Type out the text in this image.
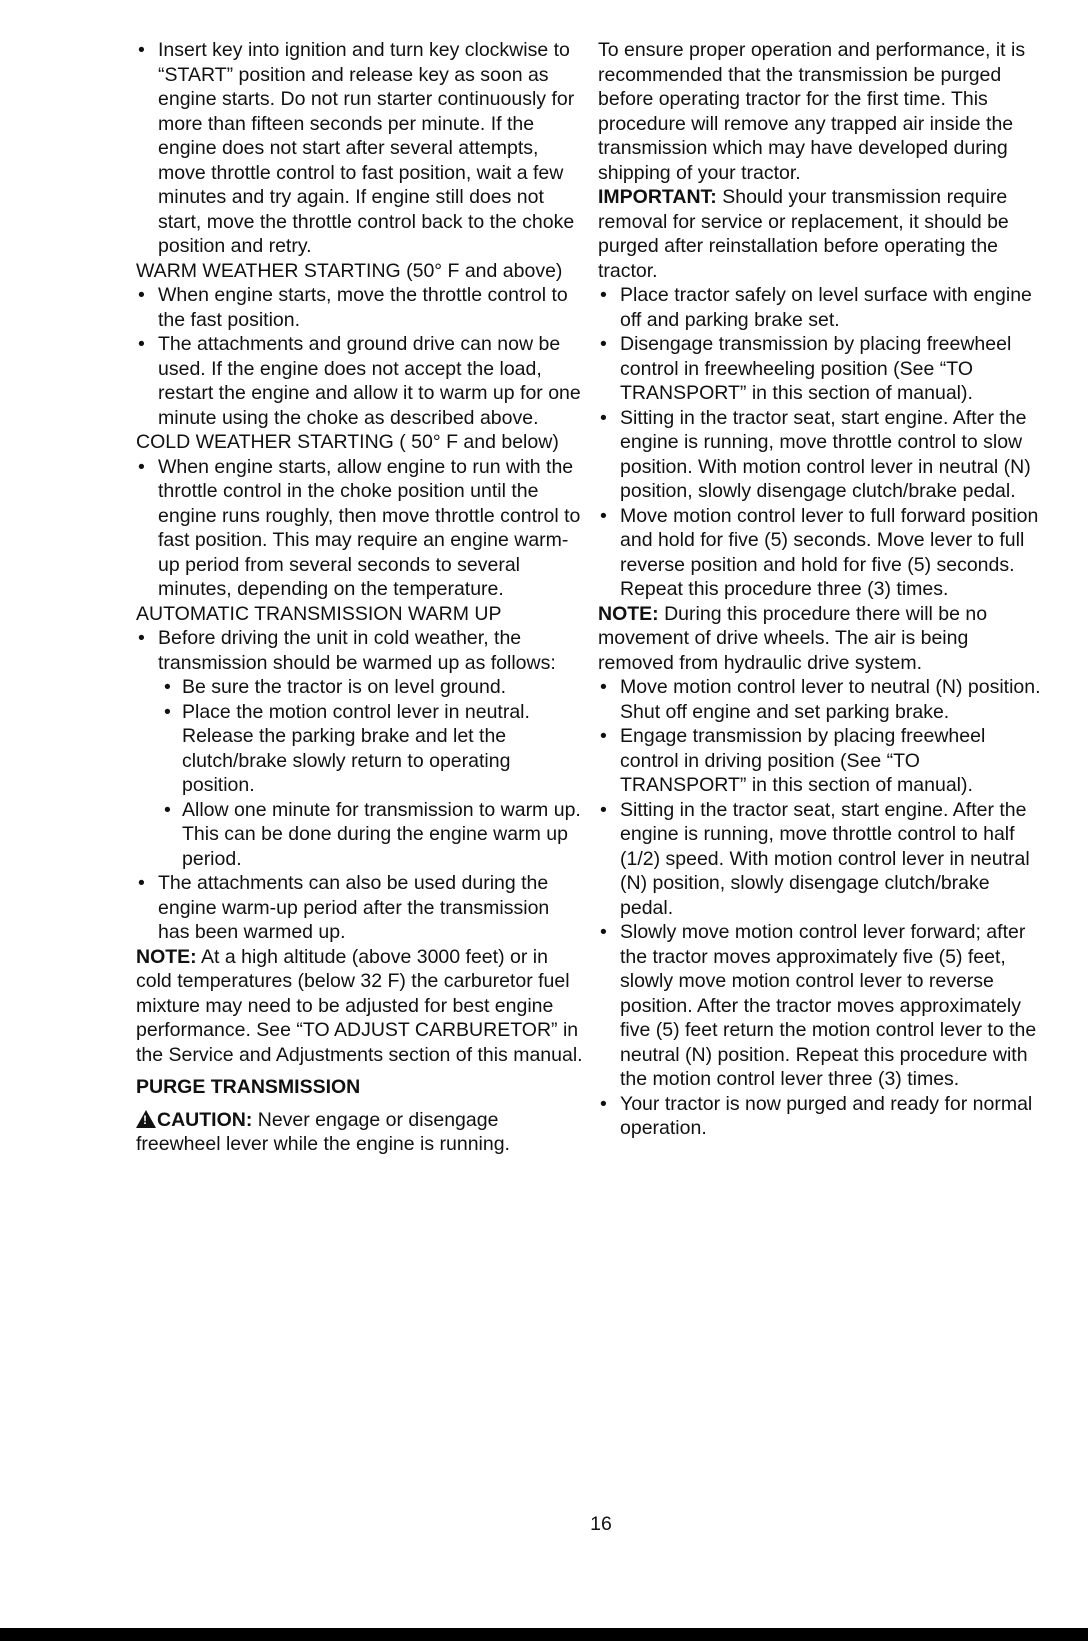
• Insert key into ignition and turn key clockwise to “START” position and release key as soon as engine starts. Do not run starter continuously for more than fifteen seconds per minute. If the engine does not start after several attempts, move throttle control to fast position, wait a few minutes and try again. If engine still does not start, move the throttle control back to the choke position and retry.

WARM WEATHER STARTING (50° F and above)

• When engine starts, move the throttle control to the fast position.

• The attachments and ground drive can now be used. If the engine does not accept the load, restart the engine and allow it to warm up for one minute using the choke as described above.

COLD WEATHER STARTING ( 50° F and below)

• When engine starts, allow engine to run with the throttle control in the choke position until the engine runs roughly, then move throttle control to fast position. This may require an engine warm-up period from several seconds to several minutes, depending on the temperature.

AUTOMATIC TRANSMISSION WARM UP

• Before driving the unit in cold weather, the transmission should be warmed up as follows:

• Be sure the tractor is on level ground.

• Place the motion control lever in neutral. Release the parking brake and let the clutch/brake slowly return to operating position.

• Allow one minute for transmission to warm up. This can be done during the engine warm up period.

• The attachments can also be used during the engine warm-up period after the transmission has been warmed up.

NOTE: At a high altitude (above 3000 feet) or in cold temperatures (below 32 F) the carburetor fuel mixture may need to be adjusted for best engine performance. See “TO ADJUST CARBURETOR” in the Service and Adjustments section of this manual.

PURGE TRANSMISSION

!CAUTION: Never engage or disengage freewheel lever while the engine is running.

To ensure proper operation and performance, it is recommended that the transmission be purged before operating tractor for the first time. This procedure will remove any trapped air inside the transmission which may have developed during shipping of your tractor.

IMPORTANT: Should your transmission require removal for service or replacement, it should be purged after reinstallation before operating the tractor.

• Place tractor safely on level surface with engine off and parking brake set.

• Disengage transmission by placing freewheel control in freewheeling position (See “TO TRANSPORT” in this section of manual).

• Sitting in the tractor seat, start engine. After the engine is running, move throttle control to slow position. With motion control lever in neutral (N) position, slowly disengage clutch/brake pedal.

• Move motion control lever to full forward position and hold for five (5) seconds. Move lever to full reverse position and hold for five (5) seconds. Repeat this procedure three (3) times.

NOTE: During this procedure there will be no movement of drive wheels. The air is being removed from hydraulic drive system.

• Move motion control lever to neutral (N) position. Shut off engine and set parking brake.

• Engage transmission by placing freewheel control in driving position (See “TO TRANSPORT” in this section of manual).

• Sitting in the tractor seat, start engine. After the engine is running, move throttle control to half (1/2) speed. With motion control lever in neutral (N) position, slowly disengage clutch/brake pedal.

• Slowly move motion control lever forward; after the tractor moves approximately five (5) feet, slowly move motion control lever to reverse position. After the tractor moves approximately five (5) feet return the motion control lever to the neutral (N) position. Repeat this procedure with the motion control lever three (3) times.

• Your tractor is now purged and ready for normal operation.

16
